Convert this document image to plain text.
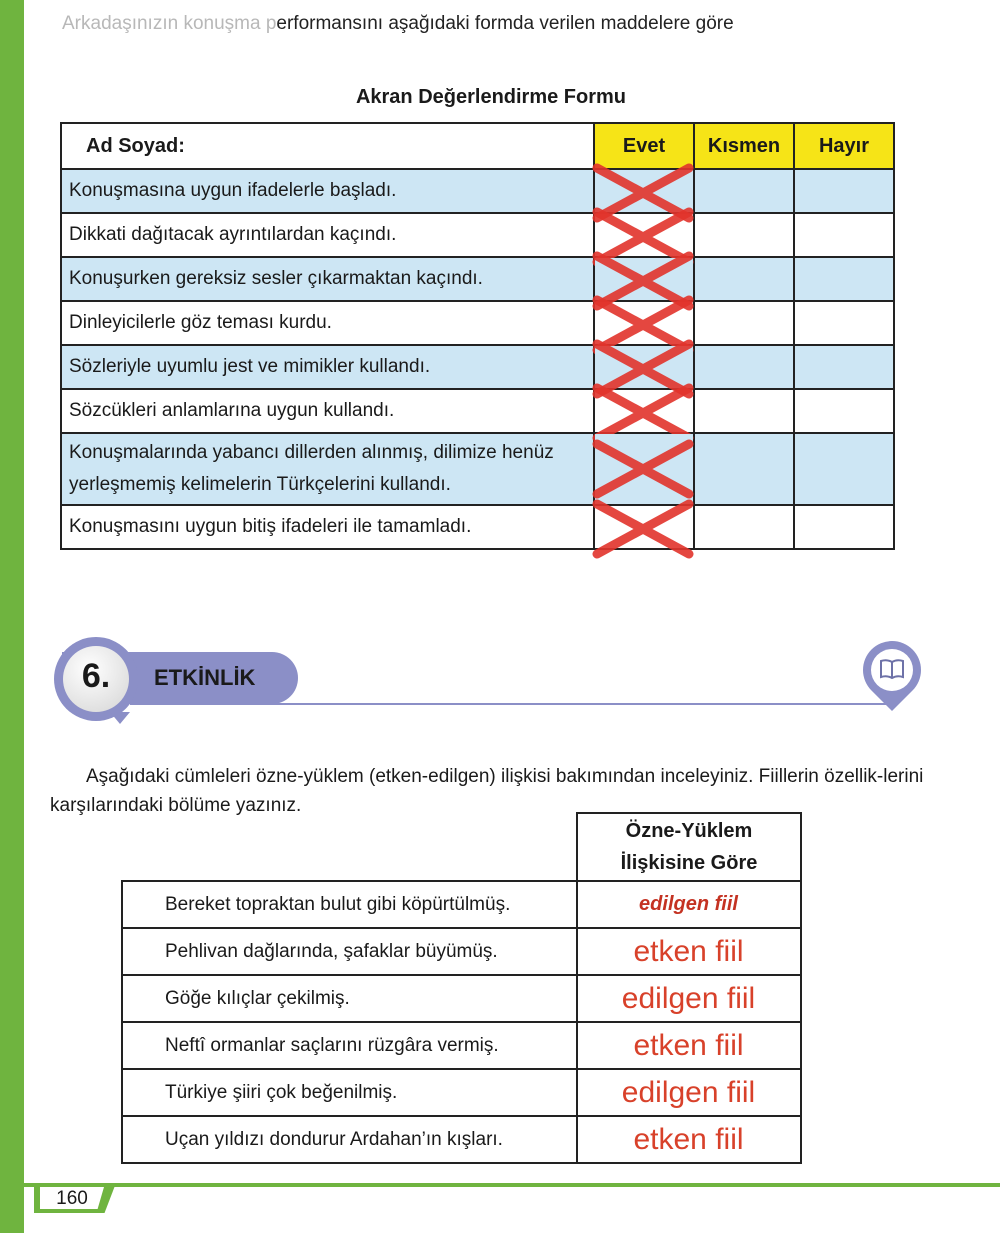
160
Arkadaşınızın konuşma performansını aşağıdaki formda verilen maddelere göre
Akran Değerlendirme Formu
Ad Soyad:	Evet	Kısmen	Hayır
Konuşmasına uygun ifadelerle başladı.	

Dikkati dağıtacak ayrıntılardan kaçındı.	

Konuşurken gereksiz sesler çıkarmaktan kaçındı.	

Dinleyicilerle göz teması kurdu.	

Sözleriyle uyumlu jest ve mimikler kullandı.	

Sözcükleri anlamlarına uygun kullandı.	

Konuşmalarında yabancı dillerden alınmış, dilimize henüz
yerleşmemiş kelimelerin Türkçelerini kullandı.	

Konuşmasını uygun bitiş ifadeleri ile tamamladı.	

6.	ETKİNLİK
Aşağıdaki cümleleri özne-yüklem (etken-edilgen) ilişkisi bakımından inceleyiniz. Fiillerin özellik-lerini karşılarındaki bölüme yazınız.
	Özne-Yüklem
İlişkisine Göre
Bereket topraktan bulut gibi köpürtülmüş.	edilgen fiil
Pehlivan dağlarında, şafaklar büyümüş.	etken fiil
Göğe kılıçlar çekilmiş.	edilgen fiil
Neftî ormanlar saçlarını rüzgâra vermiş.	etken fiil
Türkiye şiiri çok beğenilmiş.	edilgen fiil
Uçan yıldızı dondurur Ardahan’ın kışları.	etken fiil
